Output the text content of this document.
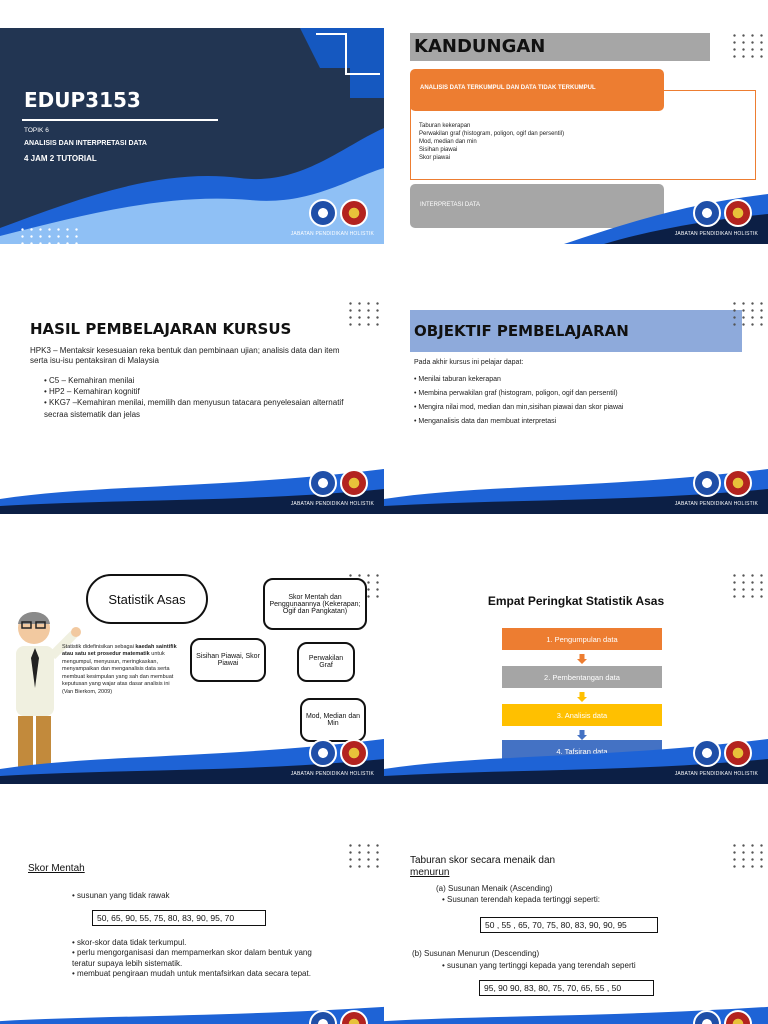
EDUP3153
TOPIK 6
ANALISIS DAN INTERPRETASI DATA
4 JAM 2 TUTORIAL
JABATAN PENDIDIKAN HOLISTIK
KANDUNGAN
ANALISIS DATA TERKUMPUL DAN DATA TIDAK TERKUMPUL
Taburan kekerapan
Perwakilan graf (histogram, poligon, ogif dan persentil)
Mod, median dan min
Sisihan piawai
Skor piawai
INTERPRETASI DATA
JABATAN PENDIDIKAN HOLISTIK
HASIL PEMBELAJARAN KURSUS
HPK3 – Mentaksir kesesuaian reka bentuk dan pembinaan ujian; analisis data dan item serta isu-isu pentaksiran di Malaysia
• C5 – Kemahiran menilai
• HP2 – Kemahiran kognitif
• KKG7 –Kemahiran menilai, memilih dan menyusun tatacara penyelesaian alternatif secraa sistematik dan jelas
JABATAN PENDIDIKAN HOLISTIK
OBJEKTIF PEMBELAJARAN
Pada akhir kursus ini pelajar dapat:
• Menilai taburan kekerapan
• Membina perwakilan graf (histogram, poligon, ogif dan persentil)
• Mengira nilai mod, median dan min,sisihan piawai dan skor piawai
• Menganalisis data dan membuat interpretasi
JABATAN PENDIDIKAN HOLISTIK
Statistik Asas
Statistik didefinisikan sebagai kaedah saintifik atau satu set prosedur matematik untuk mengumpul, menyusun, meringkaskan, menyampaikan dan menganalisis data serta membuat kesimpulan yang sah dan membuat keputusan yang wajar atas dasar analisis ini (Van Bierkom, 2009)
Skor Mentah dan Penggunaannya (Kekerapan; Ogif dan Pangkatan)
Sisihan Piawai, Skor Piawai
Perwakilan Graf
Mod, Median dan Min
JABATAN PENDIDIKAN HOLISTIK
Empat Peringkat Statistik Asas
1. Pengumpulan data
2. Pembentangan data
3. Analisis data
4. Tafsiran data
JABATAN PENDIDIKAN HOLISTIK
Skor Mentah
• susunan yang tidak rawak
50, 65, 90, 55, 75, 80, 83, 90, 95, 70
• skor-skor data tidak terkumpul.
• perlu mengorganisasi dan mempamerkan skor dalam bentuk yang teratur supaya lebih sistematik.
• membuat pengiraan mudah untuk mentafsirkan data secara tepat.
Taburan skor secara menaik dan
menurun
(a) Susunan Menaik (Ascending)
• Susunan terendah kepada tertinggi seperti:
50 , 55 , 65, 70, 75, 80, 83, 90, 90, 95
(b) Susunan Menurun (Descending)
• susunan yang tertinggi kepada yang terendah seperti
95, 90 90, 83, 80, 75, 70, 65, 55 , 50
